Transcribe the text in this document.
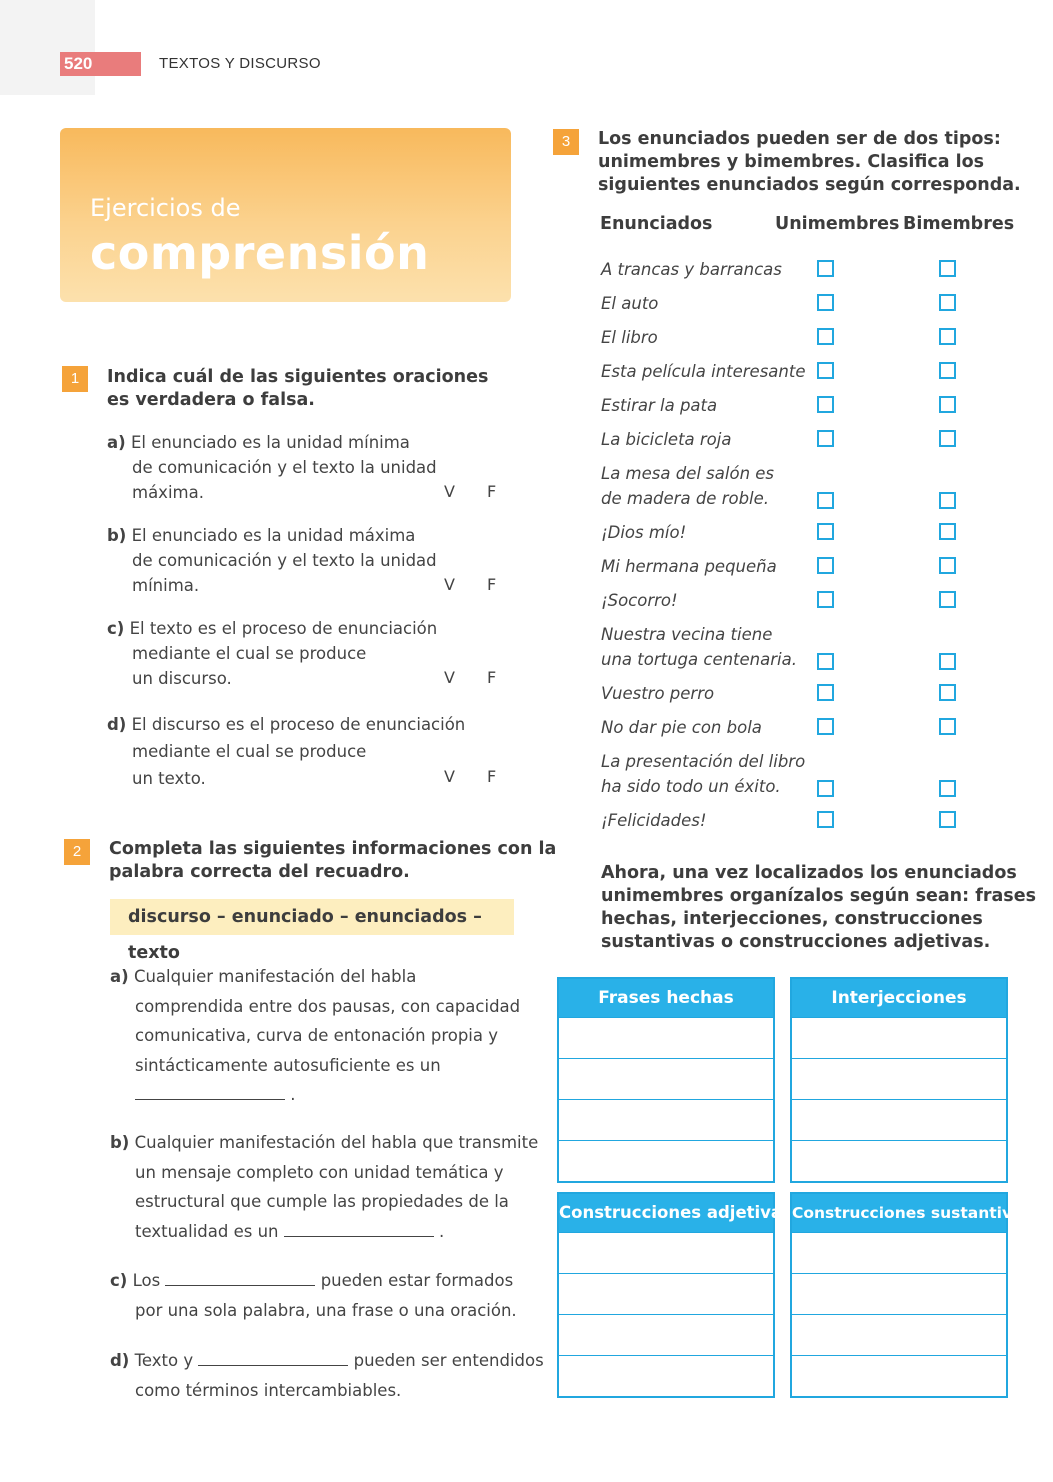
520	TEXTOS Y DISCURSO
Ejercicios de
comprensión
1	Indica cuál de las siguientes oraciones
es verdadera o falsa.
a) El enunciado es la unidad mínima
de comunicación y el texto la unidad
máxima.	V F
b) El enunciado es la unidad máxima
de comunicación y el texto la unidad
mínima.	V F
c) El texto es el proceso de enunciación
mediante el cual se produce
un discurso.	V F
d) El discurso es el proceso de enunciación
mediante el cual se produce
un texto.	V F
2	Completa las siguientes informaciones con la
palabra correcta del recuadro.
discurso – enunciado – enunciados – texto
a) Cualquier manifestación del habla
comprendida entre dos pausas, con capacidad
comunicativa, curva de entonación propia y
sintácticamente autosuficiente es un
.
b) Cualquier manifestación del habla que transmite
un mensaje completo con unidad temática y
estructural que cumple las propiedades de la
textualidad es un	.
c) Los	pueden estar formados
por una sola palabra, una frase o una oración.
d) Texto y	pueden ser entendidos
como términos intercambiables.
3	Los enunciados pueden ser de dos tipos:
unimembres y bimembres. Clasifica los
siguientes enunciados según corresponda.
Enunciados	Unimembres Bimembres
A trancas y barrancas
El auto
El libro
Esta película interesante
Estirar la pata
La bicicleta roja
La mesa del salón es
de madera de roble.
¡Dios mío!
Mi hermana pequeña
¡Socorro!
Nuestra vecina tiene
una tortuga centenaria.
Vuestro perro
No dar pie con bola
La presentación del libro
ha sido todo un éxito.
¡Felicidades!
Ahora, una vez localizados los enunciados
unimembres organízalos según sean: frases
hechas, interjecciones, construcciones
sustantivas o construcciones adjetivas.
Frases hechas	Interjecciones
Construcciones adjetivas Construcciones sustantivas
